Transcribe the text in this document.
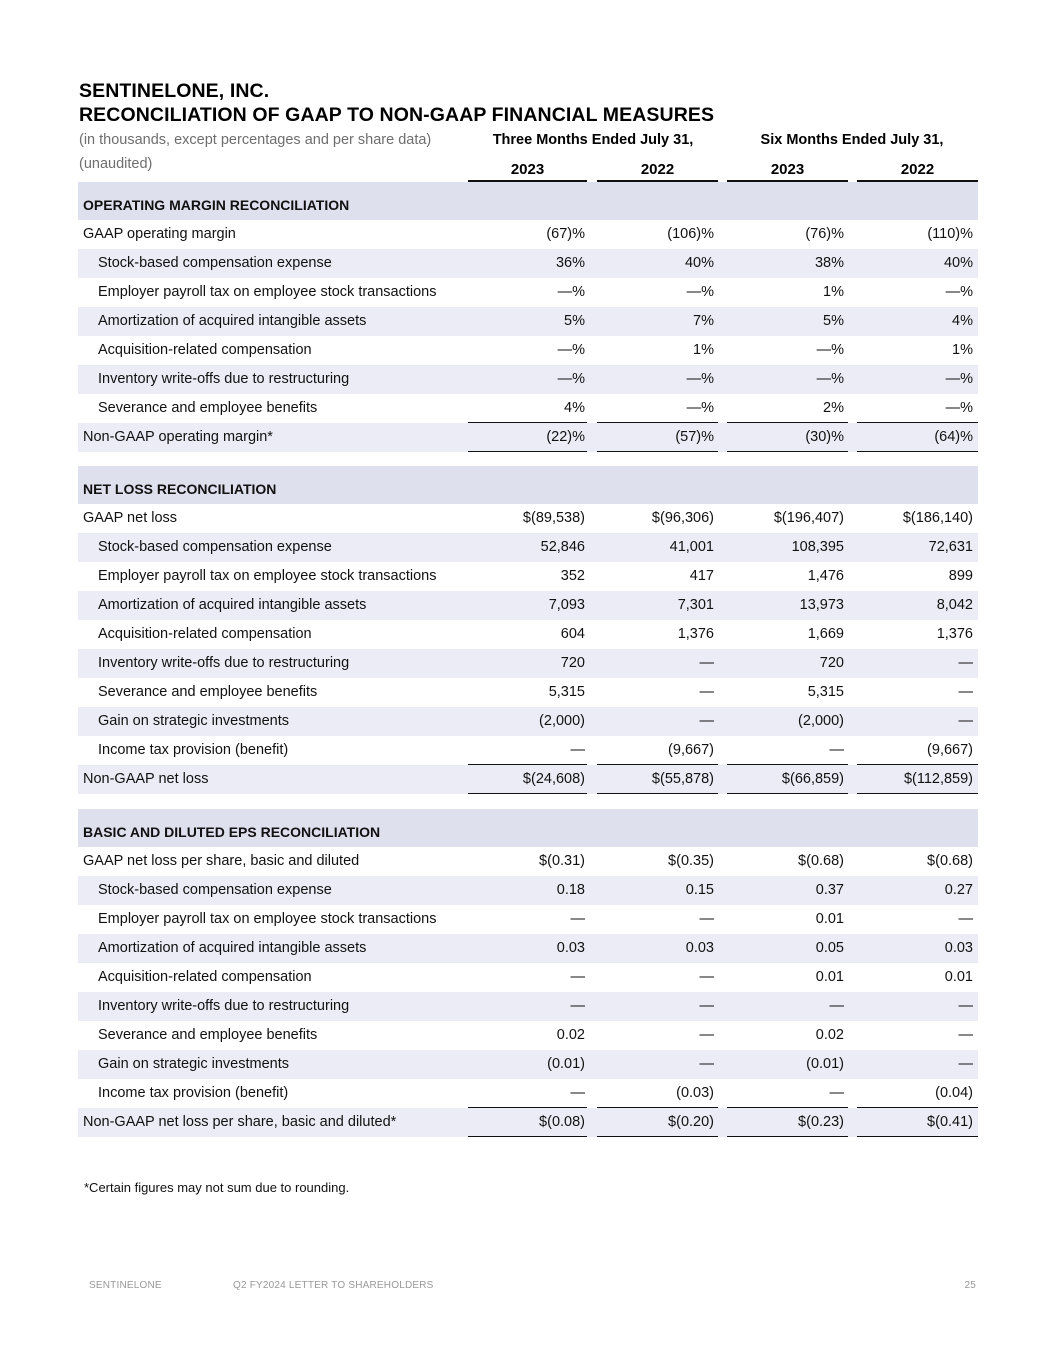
SENTINELONE, INC.
RECONCILIATION OF GAAP TO NON-GAAP FINANCIAL MEASURES
(in thousands, except percentages and per share data)
(unaudited)
Three Months Ended July 31,	Six Months Ended July 31,
2023	2022	2023	2022
OPERATING MARGIN RECONCILIATION
GAAP operating margin	(67)%	(106)%	(76)%	(110)%
Stock-based compensation expense	36%	40%	38%	40%
Employer payroll tax on employee stock transactions	—%	—%	1%	—%
Amortization of acquired intangible assets	5%	7%	5%	4%
Acquisition-related compensation	—%	1%	—%	1%
Inventory write-offs due to restructuring	—%	—%	—%	—%
Severance and employee benefits	4%	—%	2%	—%
Non-GAAP operating margin*	(22)%	(57)%	(30)%	(64)%
NET LOSS RECONCILIATION
GAAP net loss	$(89,538)	$(96,306)	$(196,407)	$(186,140)
Stock-based compensation expense	52,846	41,001	108,395	72,631
Employer payroll tax on employee stock transactions	352	417	1,476	899
Amortization of acquired intangible assets	7,093	7,301	13,973	8,042
Acquisition-related compensation	604	1,376	1,669	1,376
Inventory write-offs due to restructuring	720	—	720	—
Severance and employee benefits	5,315	—	5,315	—
Gain on strategic investments	(2,000)	—	(2,000)	—
Income tax provision (benefit)	—	(9,667)	—	(9,667)
Non-GAAP net loss	$(24,608)	$(55,878)	$(66,859)	$(112,859)
BASIC AND DILUTED EPS RECONCILIATION
GAAP net loss per share, basic and diluted	$(0.31)	$(0.35)	$(0.68)	$(0.68)
Stock-based compensation expense	0.18	0.15	0.37	0.27
Employer payroll tax on employee stock transactions	—	—	0.01	—
Amortization of acquired intangible assets	0.03	0.03	0.05	0.03
Acquisition-related compensation	—	—	0.01	0.01
Inventory write-offs due to restructuring	—	—	—	—
Severance and employee benefits	0.02	—	0.02	—
Gain on strategic investments	(0.01)	—	(0.01)	—
Income tax provision (benefit)	—	(0.03)	—	(0.04)
Non-GAAP net loss per share, basic and diluted*	$(0.08)	$(0.20)	$(0.23)	$(0.41)
*Certain figures may not sum due to rounding.
SENTINELONE	Q2 FY2024 LETTER TO SHAREHOLDERS	25
